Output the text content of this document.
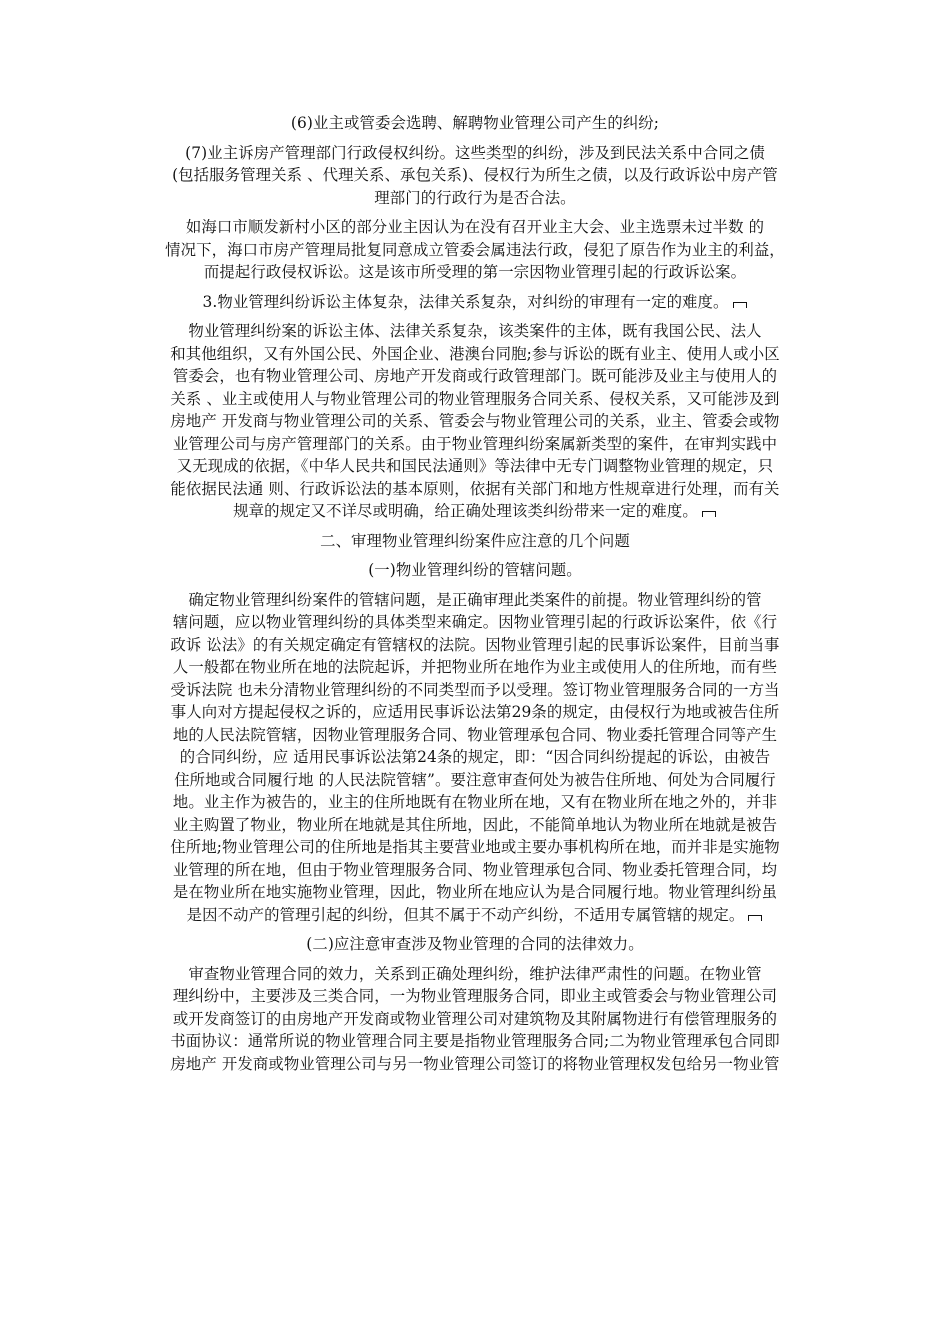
(6)业主或管委会选聘、解聘物业管理公司产生的纠纷;

(7)业主诉房产管理部门行政侵权纠纷。这些类型的纠纷，涉及到民法关系中合同之债
(包括服务管理关系 、代理关系、承包关系)、侵权行为所生之债，以及行政诉讼中房产管
理部门的行政行为是否合法。

如海口市顺发新村小区的部分业主因认为在没有召开业主大会、业主选票未过半数 的
情况下，海口市房产管理局批复同意成立管委会属违法行政，侵犯了原告作为业主的利益，
而提起行政侵权诉讼。这是该市所受理的第一宗因物业管理引起的行政诉讼案。

3.物业管理纠纷诉讼主体复杂，法律关系复杂，对纠纷的审理有一定的难度。

物业管理纠纷案的诉讼主体、法律关系复杂，该类案件的主体，既有我国公民、法人
和其他组织，又有外国公民、外国企业、港澳台同胞;参与诉讼的既有业主、使用人或小区
管委会，也有物业管理公司、房地产开发商或行政管理部门。既可能涉及业主与使用人的
关系 、业主或使用人与物业管理公司的物业管理服务合同关系、侵权关系，又可能涉及到
房地产 开发商与物业管理公司的关系、管委会与物业管理公司的关系，业主、管委会或物
业管理公司与房产管理部门的关系。由于物业管理纠纷案属新类型的案件，在审判实践中
又无现成的依据，《中华人民共和国民法通则》等法律中无专门调整物业管理的规定，只
能依据民法通 则、行政诉讼法的基本原则，依据有关部门和地方性规章进行处理，而有关
规章的规定又不详尽或明确，给正确处理该类纠纷带来一定的难度。

二、审理物业管理纠纷案件应注意的几个问题

(一)物业管理纠纷的管辖问题。

确定物业管理纠纷案件的管辖问题，是正确审理此类案件的前提。物业管理纠纷的管
辖问题，应以物业管理纠纷的具体类型来确定。因物业管理引起的行政诉讼案件，依《行
政诉 讼法》的有关规定确定有管辖权的法院。因物业管理引起的民事诉讼案件，目前当事
人一般都在物业所在地的法院起诉，并把物业所在地作为业主或使用人的住所地，而有些
受诉法院 也未分清物业管理纠纷的不同类型而予以受理。签订物业管理服务合同的一方当
事人向对方提起侵权之诉的，应适用民事诉讼法第29条的规定，由侵权行为地或被告住所
地的人民法院管辖，因物业管理服务合同、物业管理承包合同、物业委托管理合同等产生
的合同纠纷，应 适用民事诉讼法第24条的规定，即：“因合同纠纷提起的诉讼，由被告
住所地或合同履行地 的人民法院管辖”。要注意审查何处为被告住所地、何处为合同履行
地。业主作为被告的，业主的住所地既有在物业所在地，又有在物业所在地之外的，并非
业主购置了物业，物业所在地就是其住所地，因此，不能简单地认为物业所在地就是被告
住所地;物业管理公司的住所地是指其主要营业地或主要办事机构所在地，而并非是实施物
业管理的所在地，但由于物业管理服务合同、物业管理承包合同、物业委托管理合同，均
是在物业所在地实施物业管理，因此，物业所在地应认为是合同履行地。物业管理纠纷虽
是因不动产的管理引起的纠纷，但其不属于不动产纠纷，不适用专属管辖的规定。

(二)应注意审查涉及物业管理的合同的法律效力。

审查物业管理合同的效力，关系到正确处理纠纷，维护法律严肃性的问题。在物业管
理纠纷中，主要涉及三类合同，一为物业管理服务合同，即业主或管委会与物业管理公司
或开发商签订的由房地产开发商或物业管理公司对建筑物及其附属物进行有偿管理服务的
书面协议：通常所说的物业管理合同主要是指物业管理服务合同;二为物业管理承包合同即
房地产 开发商或物业管理公司与另一物业管理公司签订的将物业管理权发包给另一物业管
